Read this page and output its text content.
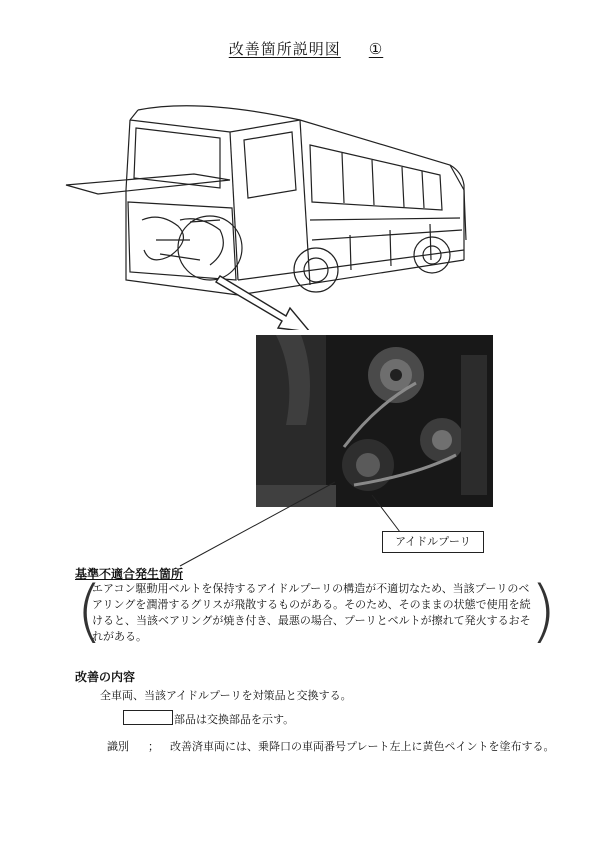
改善箇所説明図 ①
アイドルプーリ
基準不適合発生箇所
(	)
エアコン駆動用ベルトを保持するアイドルプーリの構造が不適切なため、当該プーリのベアリングを潤滑するグリスが飛散するものがある。そのため、そのままの状態で使用を続けると、当該ベアリングが焼き付き、最悪の場合、プーリとベルトが擦れて発火するおそれがある。
改善の内容
全車両、当該アイドルプーリを対策品と交換する。
部品は交換部品を示す。
識別 ； 改善済車両には、乗降口の車両番号プレート左上に黄色ペイントを塗布する。
